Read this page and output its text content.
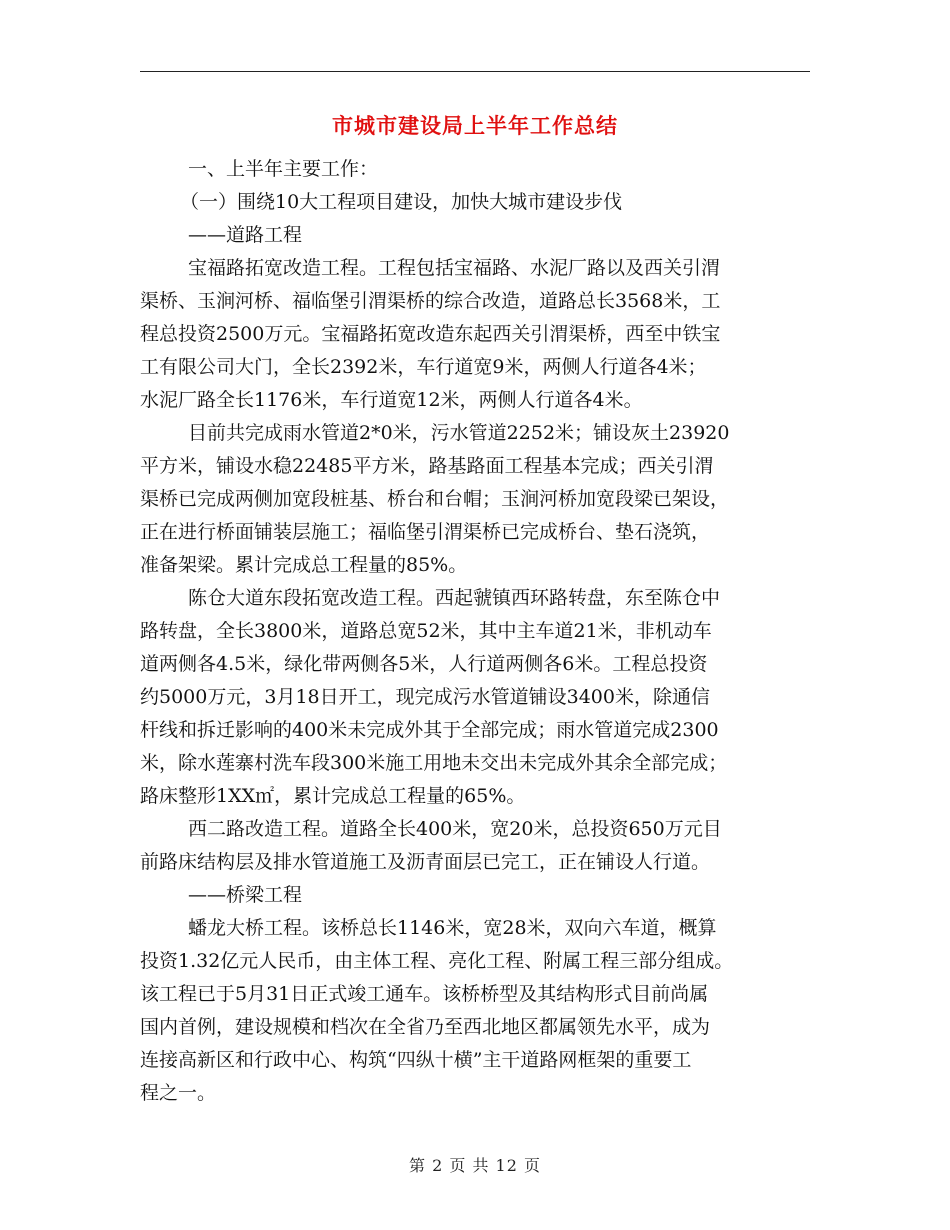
市城市建设局上半年工作总结
一、上半年主要工作：
（一）围绕10大工程项目建设，加快大城市建设步伐
——道路工程
宝福路拓宽改造工程。工程包括宝福路、水泥厂路以及西关引渭
渠桥、玉涧河桥、福临堡引渭渠桥的综合改造，道路总长3568米，工
程总投资2500万元。宝福路拓宽改造东起西关引渭渠桥，西至中铁宝
工有限公司大门，全长2392米，车行道宽9米，两侧人行道各4米；
水泥厂路全长1176米，车行道宽12米，两侧人行道各4米。
目前共完成雨水管道2*0米，污水管道2252米；铺设灰土23920
平方米，铺设水稳22485平方米，路基路面工程基本完成；西关引渭
渠桥已完成两侧加宽段桩基、桥台和台帽；玉涧河桥加宽段梁已架设，
正在进行桥面铺装层施工；福临堡引渭渠桥已完成桥台、垫石浇筑，
准备架梁。累计完成总工程量的85%。
陈仓大道东段拓宽改造工程。西起虢镇西环路转盘，东至陈仓中
路转盘，全长3800米，道路总宽52米，其中主车道21米，非机动车
道两侧各4.5米，绿化带两侧各5米，人行道两侧各6米。工程总投资
约5000万元，3月18日开工，现完成污水管道铺设3400米，除通信
杆线和拆迁影响的400米未完成外其于全部完成；雨水管道完成2300
米，除水莲寨村洗车段300米施工用地未交出未完成外其余全部完成；
路床整形1XX㎡，累计完成总工程量的65%。
西二路改造工程。道路全长400米，宽20米，总投资650万元目
前路床结构层及排水管道施工及沥青面层已完工，正在铺设人行道。
——桥梁工程
蟠龙大桥工程。该桥总长1146米，宽28米，双向六车道，概算
投资1.32亿元人民币，由主体工程、亮化工程、附属工程三部分组成。
该工程已于5月31日正式竣工通车。该桥桥型及其结构形式目前尚属
国内首例，建设规模和档次在全省乃至西北地区都属领先水平，成为
连接高新区和行政中心、构筑“四纵十横”主干道路网框架的重要工
程之一。
第 2 页 共 12 页
